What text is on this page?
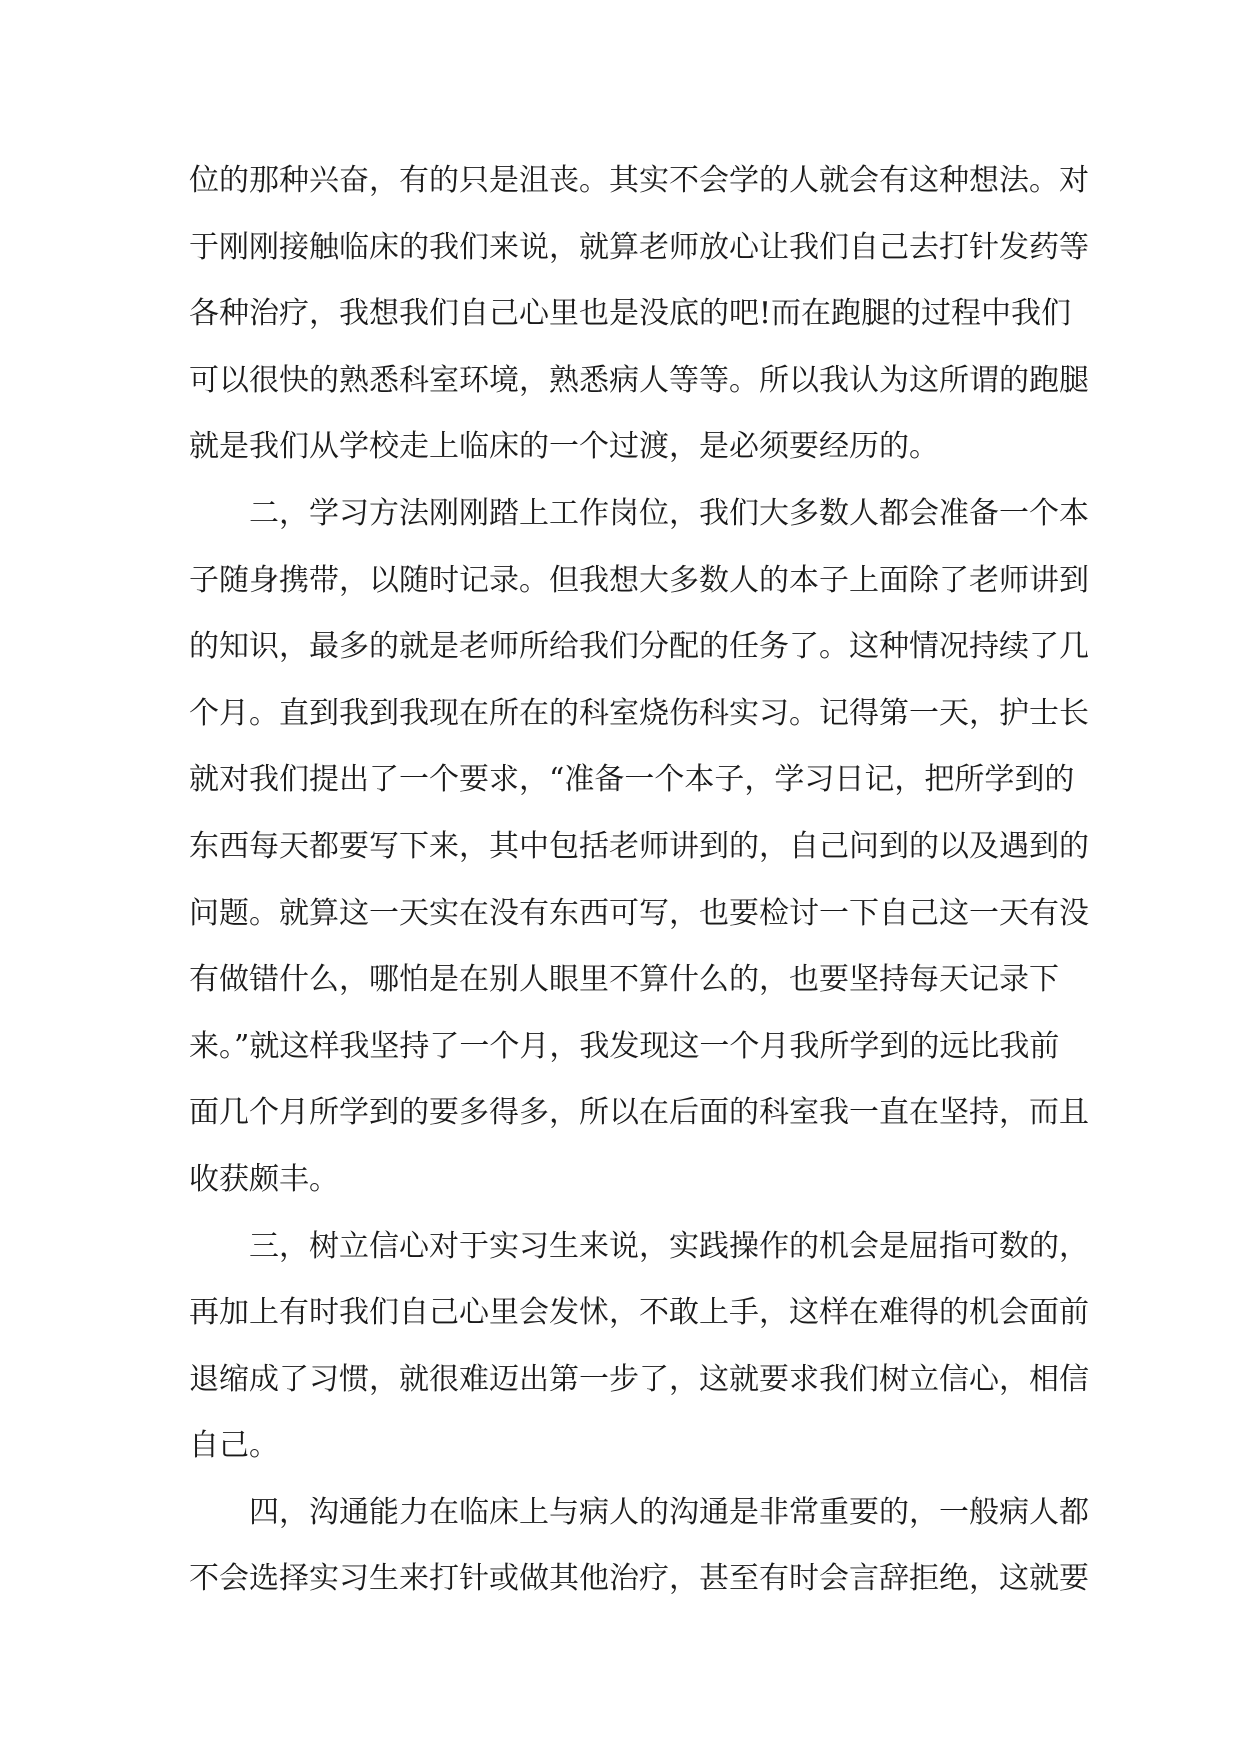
位的那种兴奋，有的只是沮丧。其实不会学的人就会有这种想法。对
于刚刚接触临床的我们来说，就算老师放心让我们自己去打针发药等
各种治疗，我想我们自己心里也是没底的吧!而在跑腿的过程中我们
可以很快的熟悉科室环境，熟悉病人等等。所以我认为这所谓的跑腿
就是我们从学校走上临床的一个过渡，是必须要经历的。
二，学习方法刚刚踏上工作岗位，我们大多数人都会准备一个本
子随身携带，以随时记录。但我想大多数人的本子上面除了老师讲到
的知识，最多的就是老师所给我们分配的任务了。这种情况持续了几
个月。直到我到我现在所在的科室烧伤科实习。记得第一天，护士长
就对我们提出了一个要求，“准备一个本子，学习日记，把所学到的
东西每天都要写下来，其中包括老师讲到的，自己问到的以及遇到的
问题。就算这一天实在没有东西可写，也要检讨一下自己这一天有没
有做错什么，哪怕是在别人眼里不算什么的，也要坚持每天记录下
来。”就这样我坚持了一个月，我发现这一个月我所学到的远比我前
面几个月所学到的要多得多，所以在后面的科室我一直在坚持，而且
收获颇丰。
三，树立信心对于实习生来说，实践操作的机会是屈指可数的，
再加上有时我们自己心里会发怵，不敢上手，这样在难得的机会面前
退缩成了习惯，就很难迈出第一步了，这就要求我们树立信心，相信
自己。
四，沟通能力在临床上与病人的沟通是非常重要的，一般病人都
不会选择实习生来打针或做其他治疗，甚至有时会言辞拒绝，这就要
